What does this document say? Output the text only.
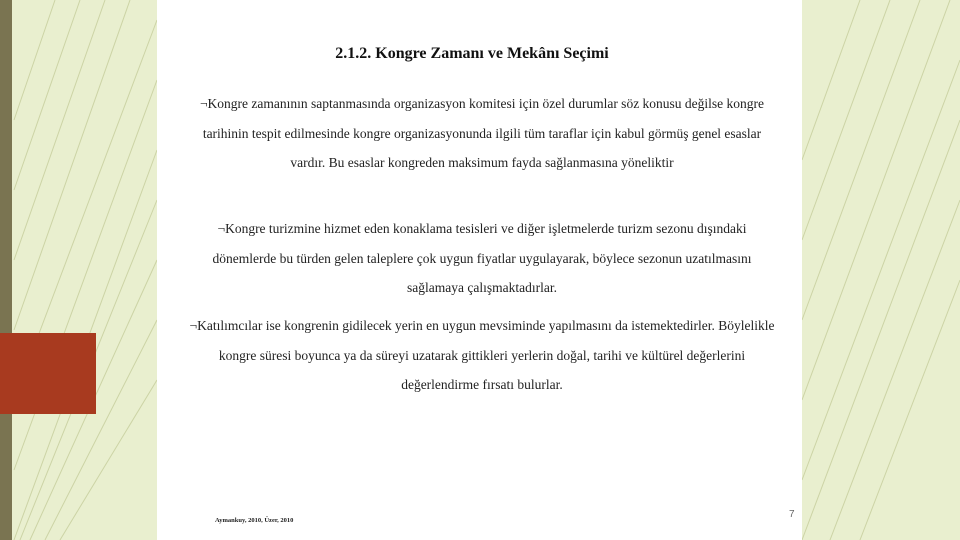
2.1.2. Kongre Zamanı ve Mekânı Seçimi
¬Kongre zamanının saptanmasında organizasyon komitesi için özel durumlar söz konusu değilse kongre tarihinin tespit edilmesinde kongre organizasyonunda ilgili tüm taraflar için kabul görmüş genel esaslar vardır. Bu esaslar kongreden maksimum fayda sağlanmasına yöneliktir
¬Kongre turizmine hizmet eden konaklama tesisleri ve diğer işletmelerde turizm sezonu dışındaki dönemlerde bu türden gelen taleplere çok uygun fiyatlar uygulayarak, böylece sezonun uzatılmasını sağlamaya çalışmaktadırlar.
¬Katılımcılar ise kongrenin gidilecek yerin en uygun mevsiminde yapılmasını da istemektedirler. Böylelikle kongre süresi boyunca ya da süreyi uzatarak gittikleri yerlerin doğal, tarihi ve kültürel değerlerini değerlendirme fırsatı bulurlar.
Aymankuy, 2010, Üzer, 2010
7
